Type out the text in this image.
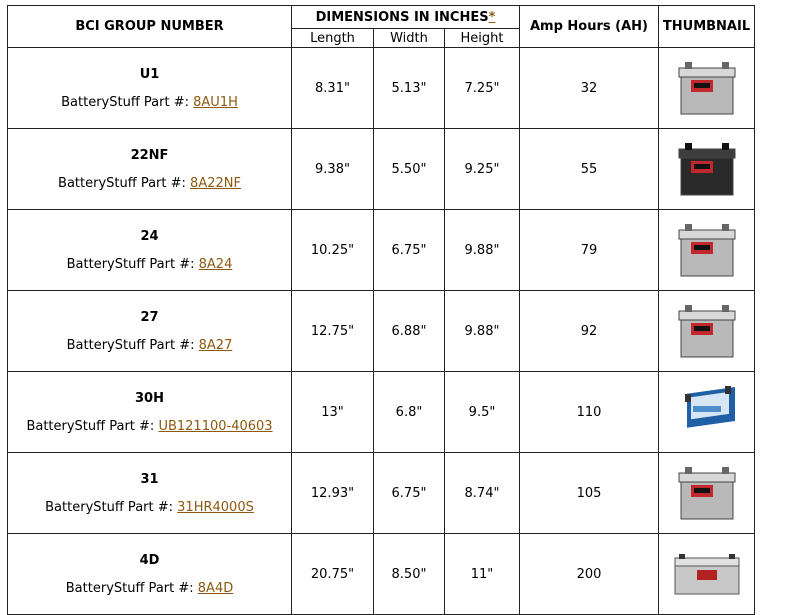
BCI GROUP NUMBER	DIMENSIONS IN INCHES*			Amp Hours (AH)	THUMBNAIL
	Length	Width	Height		

U1
BatteryStuff Part #: 8AU1H	8.31"	5.13"	7.25"	32	

22NF
BatteryStuff Part #: 8A22NF	9.38"	5.50"	9.25"	55	

24
BatteryStuff Part #: 8A24	10.25"	6.75"	9.88"	79	

27
BatteryStuff Part #: 8A27	12.75"	6.88"	9.88"	92	

30H
BatteryStuff Part #: UB121100-40603	13"	6.8"	9.5"	110	

31
BatteryStuff Part #: 31HR4000S	12.93"	6.75"	8.74"	105	

4D
BatteryStuff Part #: 8A4D	20.75"	8.50"	11"	200	
